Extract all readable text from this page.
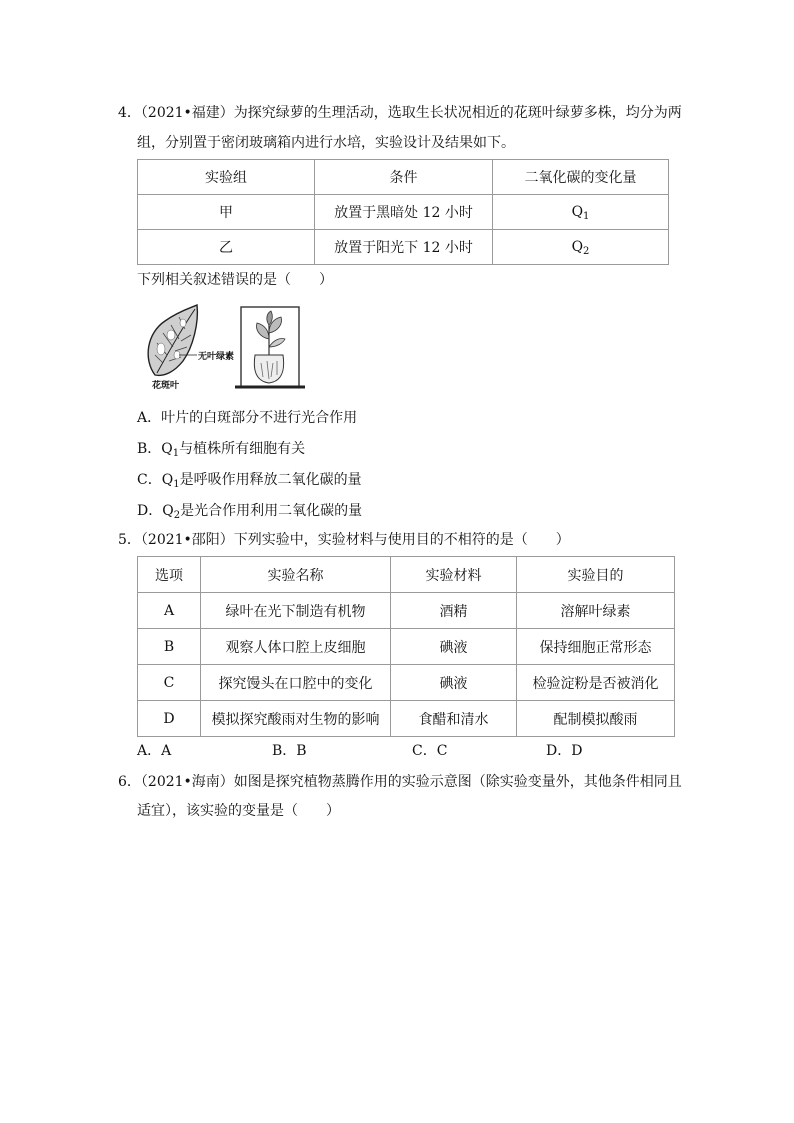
4．（2021•福建）为探究绿萝的生理活动，选取生长状况相近的花斑叶绿萝多株，均分为两
组，分别置于密闭玻璃箱内进行水培，实验设计及结果如下。
实验组	条件	二氧化碳的变化量
甲	放置于黑暗处 12 小时	$Q_1$
乙	放置于阳光下 12 小时	$Q_2$
下列相关叙述错误的是（　　）
无叶绿素
花斑叶
A．叶片的白斑部分不进行光合作用
B．$Q_1$与植株所有细胞有关
C．$Q_1$是呼吸作用释放二氧化碳的量
D．$Q_2$是光合作用利用二氧化碳的量
5．（2021•邵阳）下列实验中，实验材料与使用目的不相符的是（　　）
选项	实验名称	实验材料	实验目的
A	绿叶在光下制造有机物	酒精	溶解叶绿素
B	观察人体口腔上皮细胞	碘液	保持细胞正常形态
C	探究馒头在口腔中的变化	碘液	检验淀粉是否被消化
D	模拟探究酸雨对生物的影响	食醋和清水	配制模拟酸雨
A．A	B．B	C．C	D．D
6．（2021•海南）如图是探究植物蒸腾作用的实验示意图（除实验变量外，其他条件相同且
适宜），该实验的变量是（　　）
